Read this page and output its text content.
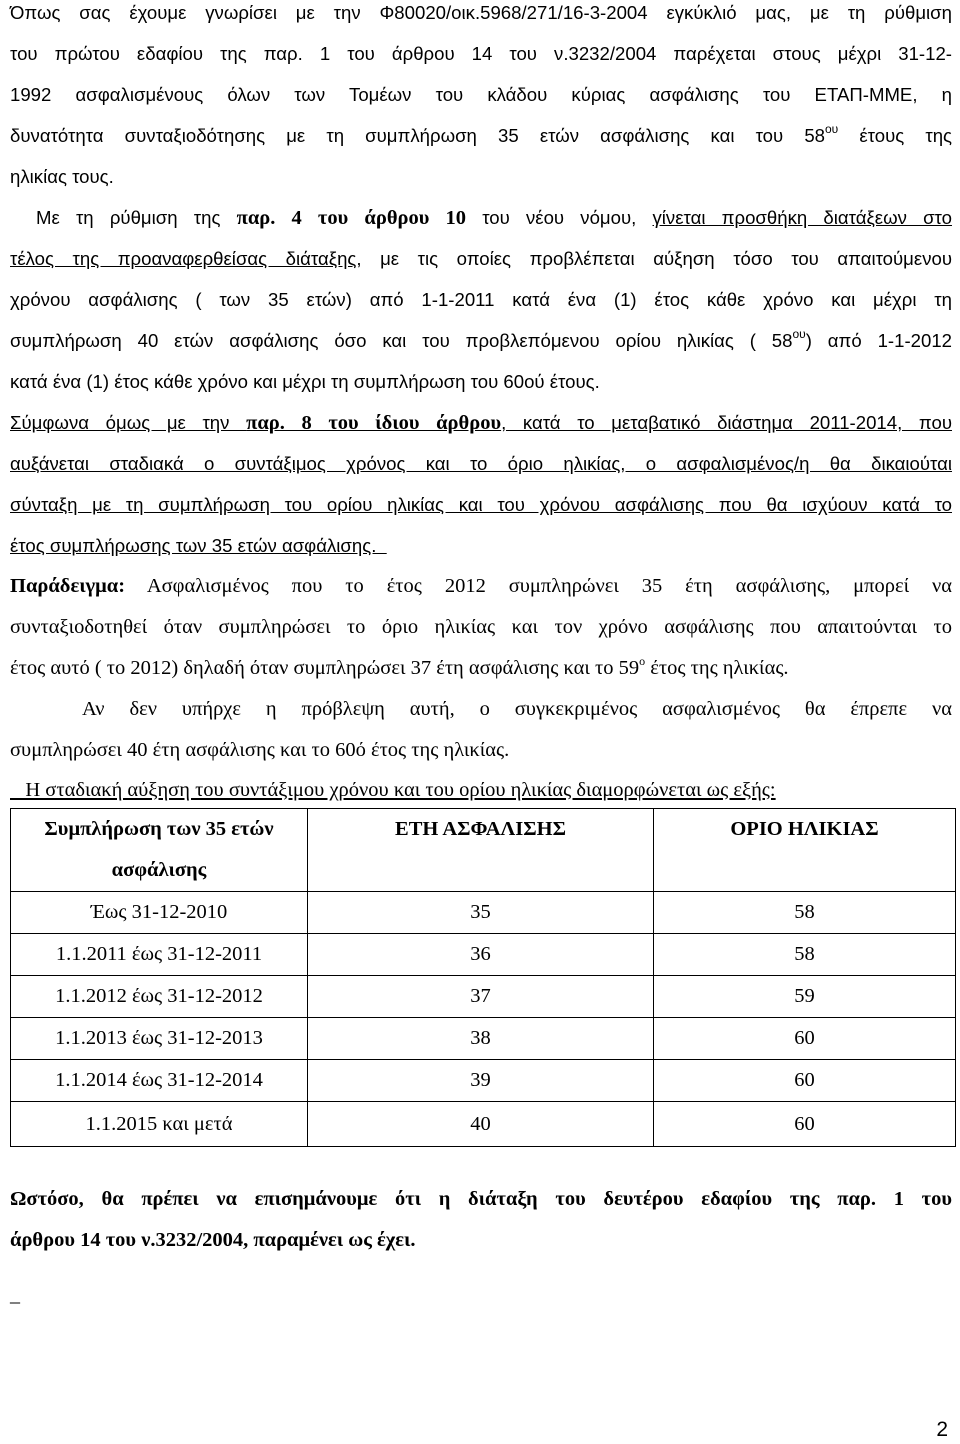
Όπως σας έχουμε γνωρίσει με την Φ80020/οικ.5968/271/16-3-2004 εγκύκλιό μας, με τη ρύθμιση
του πρώτου εδαφίου της παρ. 1 του άρθρου 14 του ν.3232/2004 παρέχεται στους μέχρι 31-12-
1992 ασφαλισμένους όλων των Τομέων του κλάδου κύριας ασφάλισης του ΕΤΑΠ-ΜΜΕ, η
δυνατότητα συνταξιοδότησης με τη συμπλήρωση 35 ετών ασφάλισης και του $58^{o\upsilon}$ έτους της
ηλικίας τους.
Με τη ρύθμιση της παρ. 4 του άρθρου 10 του νέου νόμου, γίνεται προσθήκη διατάξεων στο
τέλος της προαναφερθείσας διάταξης, με τις οποίες προβλέπεται αύξηση τόσο του απαιτούμενου
χρόνου ασφάλισης ( των 35 ετών) από 1-1-2011 κατά ένα (1) έτος κάθε χρόνο και μέχρι τη
συμπλήρωση 40 ετών ασφάλισης όσο και του προβλεπόμενου ορίου ηλικίας ( $58^{o\upsilon}$) από 1-1-2012
κατά ένα (1) έτος κάθε χρόνο και μέχρι τη συμπλήρωση του 60ού έτους.
Σύμφωνα όμως με την παρ. 8 του ίδιου άρθρου, κατά το μεταβατικό διάστημα 2011-2014, που
αυξάνεται σταδιακά ο συντάξιμος χρόνος και το όριο ηλικίας, ο ασφαλισμένος/η θα δικαιούται
σύνταξη με τη συμπλήρωση του ορίου ηλικίας και του χρόνου ασφάλισης που θα ισχύουν κατά το
έτος συμπλήρωσης των 35 ετών ασφάλισης.
Παράδειγμα: Ασφαλισμένος που το έτος 2012 συμπληρώνει 35 έτη ασφάλισης, μπορεί να
συνταξιοδοτηθεί όταν συμπληρώσει το όριο ηλικίας και τον χρόνο ασφάλισης που απαιτούνται το
έτος αυτό ( το 2012) δηλαδή όταν συμπληρώσει 37 έτη ασφάλισης και το $59^o$ έτος της ηλικίας.
Αν δεν υπήρχε η πρόβλεψη αυτή, ο συγκεκριμένος ασφαλισμένος θα έπρεπε να
συμπληρώσει 40 έτη ασφάλισης και το 60ό έτος της ηλικίας.
Η σταδιακή αύξηση του συντάξιμου χρόνου και του ορίου ηλικίας διαμορφώνεται ως εξής:
Συμπλήρωση των 35 ετών ασφάλισης	ΕΤΗ ΑΣΦΑΛΙΣΗΣ	ΟΡΙΟ ΗΛΙΚΙΑΣ
Έως 31-12-2010	35	58
1.1.2011 έως 31-12-2011	36	58
1.1.2012 έως 31-12-2012	37	59
1.1.2013 έως 31-12-2013	38	60
1.1.2014 έως 31-12-2014	39	60
1.1.2015 και μετά	40	60
Ωστόσο, θα πρέπει να επισημάνουμε ότι η διάταξη του δευτέρου εδαφίου της παρ. 1 του
άρθρου 14 του ν.3232/2004, παραμένει ως έχει.
_
2
